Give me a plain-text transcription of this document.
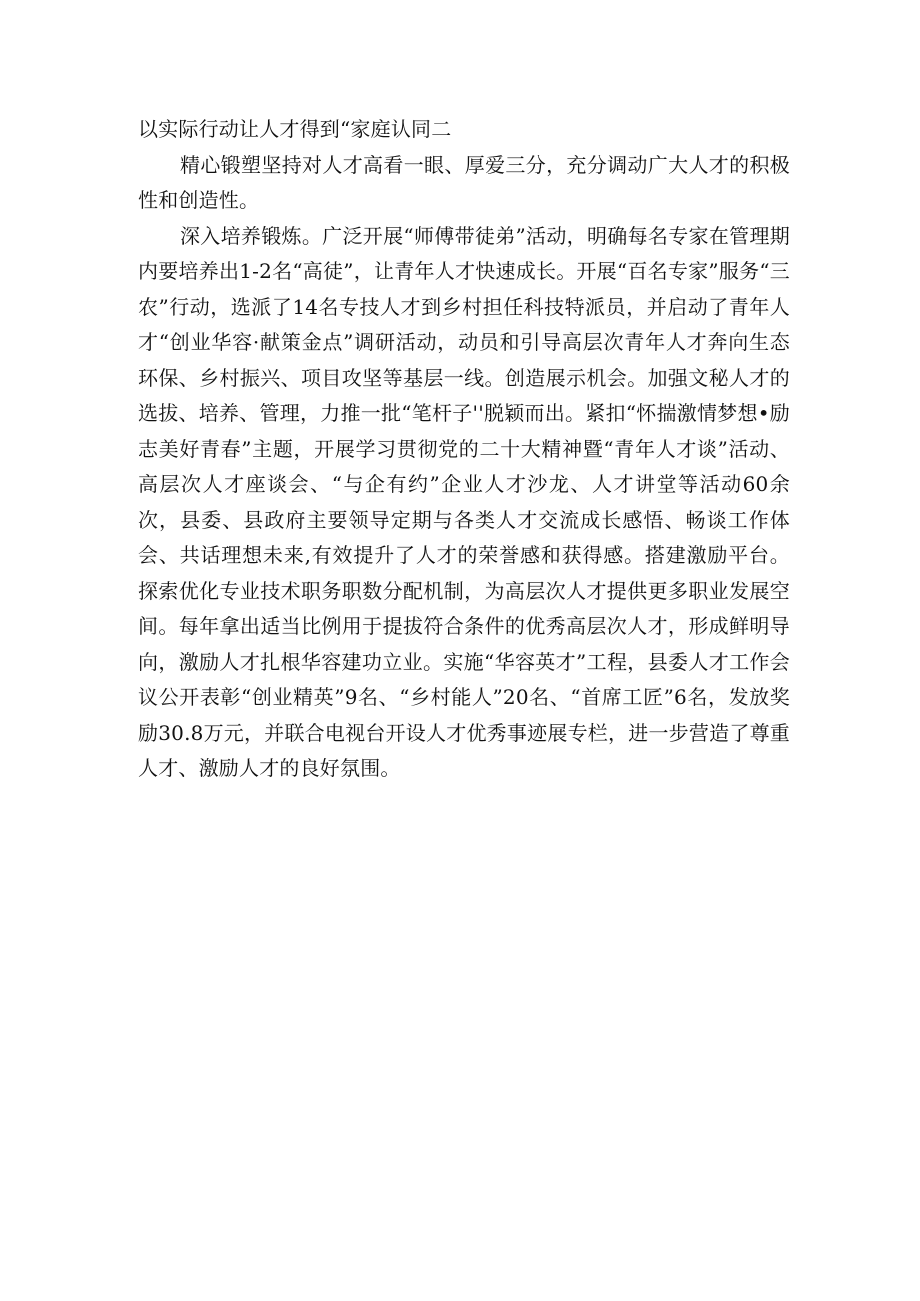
以实际行动让人才得到“家庭认同二

精心锻塑坚持对人才高看一眼、厚爱三分，充分调动广大人才的积极性和创造性。

深入培养锻炼。广泛开展“师傅带徒弟”活动，明确每名专家在管理期内要培养出1-2名“高徒”，让青年人才快速成长。开展“百名专家”服务“三农”行动，选派了14名专技人才到乡村担任科技特派员，并启动了青年人才“创业华容·献策金点”调研活动，动员和引导高层次青年人才奔向生态环保、乡村振兴、项目攻坚等基层一线。创造展示机会。加强文秘人才的选拔、培养、管理，力推一批“笔杆子''脱颖而出。紧扣“怀揣激情梦想•励志美好青春”主题，开展学习贯彻党的二十大精神暨“青年人才谈”活动、高层次人才座谈会、“与企有约”企业人才沙龙、人才讲堂等活动60余次，县委、县政府主要领导定期与各类人才交流成长感悟、畅谈工作体会、共话理想未来,有效提升了人才的荣誉感和获得感。搭建激励平台。探索优化专业技术职务职数分配机制，为高层次人才提供更多职业发展空间。每年拿出适当比例用于提拔符合条件的优秀高层次人才，形成鲜明导向，激励人才扎根华容建功立业。实施“华容英才”工程，县委人才工作会议公开表彰“创业精英”9名、“乡村能人”20名、“首席工匠”6名，发放奖励30.8万元，并联合电视台开设人才优秀事迹展专栏，进一步营造了尊重人才、激励人才的良好氛围。
